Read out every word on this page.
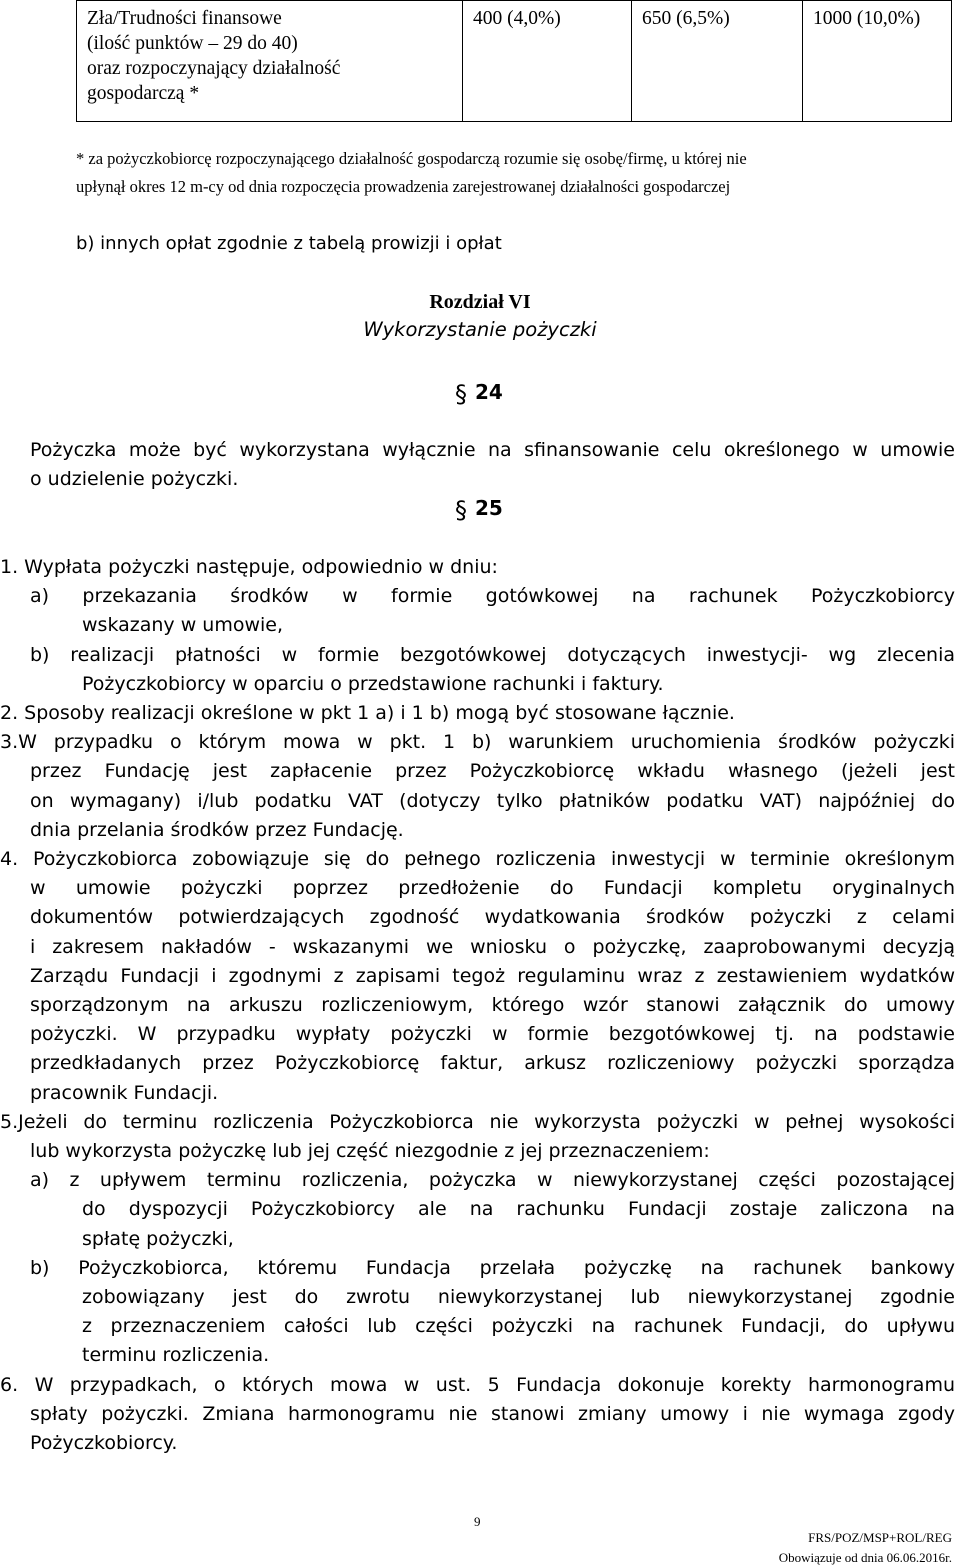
Zła/Trudności finansowe
(ilość punktów – 29 do 40)
oraz rozpoczynający działalność
gospodarczą *
	400 (4,0%)	650 (6,5%)	1000 (10,0%)
* za pożyczkobiorcę rozpoczynającego działalność gospodarczą rozumie się osobę/firmę, u której nie
upłynął okres 12 m-cy od dnia rozpoczęcia prowadzenia zarejestrowanej działalności gospodarczej
b) innych opłat zgodnie z tabelą prowizji i opłat
Rozdział VI
Wykorzystanie pożyczki
§ 24
Pożyczka może być wykorzystana wyłącznie na sfinansowanie celu określonego w umowie
o udzielenie pożyczki.
§ 25
1. Wypłata pożyczki następuje, odpowiednio w dniu:
a) przekazania środków w formie gotówkowej na rachunek Pożyczkobiorcy
wskazany w umowie,
b) realizacji płatności w formie bezgotówkowej dotyczących inwestycji- wg zlecenia
Pożyczkobiorcy w oparciu o przedstawione rachunki i faktury.
2. Sposoby realizacji określone w pkt 1 a) i 1 b) mogą być stosowane łącznie.
3.W przypadku o którym mowa w pkt. 1 b) warunkiem uruchomienia środków pożyczki
przez Fundację jest zapłacenie przez Pożyczkobiorcę wkładu własnego (jeżeli jest
on wymagany) i/lub podatku VAT (dotyczy tylko płatników podatku VAT) najpóźniej do
dnia przelania środków przez Fundację.
4. Pożyczkobiorca zobowiązuje się do pełnego rozliczenia inwestycji w terminie określonym
w umowie pożyczki poprzez przedłożenie do Fundacji kompletu oryginalnych
dokumentów potwierdzających zgodność wydatkowania środków pożyczki z celami
i zakresem nakładów - wskazanymi we wniosku o pożyczkę, zaaprobowanymi decyzją
Zarządu Fundacji i zgodnymi z zapisami tegoż regulaminu wraz z zestawieniem wydatków
sporządzonym na arkuszu rozliczeniowym, którego wzór stanowi załącznik do umowy
pożyczki. W przypadku wypłaty pożyczki w formie bezgotówkowej tj. na podstawie
przedkładanych przez Pożyczkobiorcę faktur, arkusz rozliczeniowy pożyczki sporządza
pracownik Fundacji.
5.Jeżeli do terminu rozliczenia Pożyczkobiorca nie wykorzysta pożyczki w pełnej wysokości
lub wykorzysta pożyczkę lub jej część niezgodnie z jej przeznaczeniem:
a) z upływem terminu rozliczenia, pożyczka w niewykorzystanej części pozostającej
do dyspozycji Pożyczkobiorcy ale na rachunku Fundacji zostaje zaliczona na
spłatę pożyczki,
b) Pożyczkobiorca, któremu Fundacja przelała pożyczkę na rachunek bankowy
zobowiązany jest do zwrotu niewykorzystanej lub niewykorzystanej zgodnie
z przeznaczeniem całości lub części pożyczki na rachunek Fundacji, do upływu
terminu rozliczenia.
6. W przypadkach, o których mowa w ust. 5 Fundacja dokonuje korekty harmonogramu
spłaty pożyczki. Zmiana harmonogramu nie stanowi zmiany umowy i nie wymaga zgody
Pożyczkobiorcy.
9
FRS/POZ/MSP+ROL/REG
Obowiązuje od dnia 06.06.2016r.
